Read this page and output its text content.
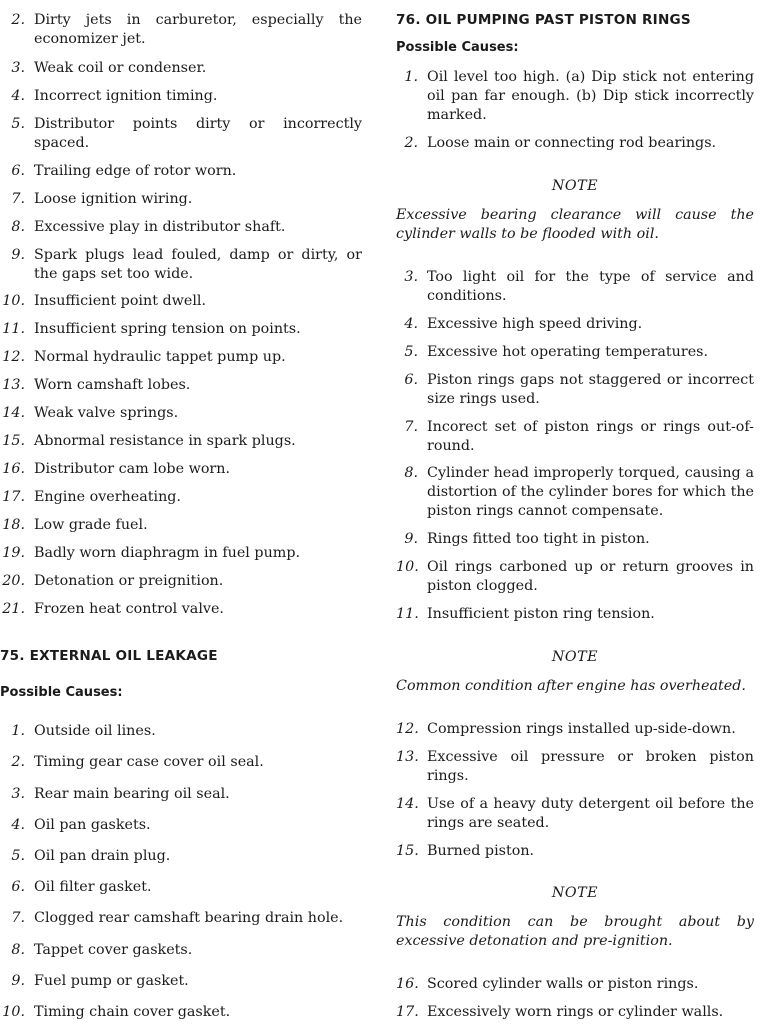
2. Dirty jets in carburetor, especially the economizer jet.
3. Weak coil or condenser.
4. Incorrect ignition timing.
5. Distributor points dirty or incorrectly spaced.
6. Trailing edge of rotor worn.
7. Loose ignition wiring.
8. Excessive play in distributor shaft.
9. Spark plugs lead fouled, damp or dirty, or the gaps set too wide.
10. Insufficient point dwell.
11. Insufficient spring tension on points.
12. Normal hydraulic tappet pump up.
13. Worn camshaft lobes.
14. Weak valve springs.
15. Abnormal resistance in spark plugs.
16. Distributor cam lobe worn.
17. Engine overheating.
18. Low grade fuel.
19. Badly worn diaphragm in fuel pump.
20. Detonation or preignition.
21. Frozen heat control valve.
75. EXTERNAL OIL LEAKAGE
Possible Causes:
1. Outside oil lines.
2. Timing gear case cover oil seal.
3. Rear main bearing oil seal.
4. Oil pan gaskets.
5. Oil pan drain plug.
6. Oil filter gasket.
7. Clogged rear camshaft bearing drain hole.
8. Tappet cover gaskets.
9. Fuel pump or gasket.
10. Timing chain cover gasket.
76. OIL PUMPING PAST PISTON RINGS
Possible Causes:
1. Oil level too high. (a) Dip stick not entering oil pan far enough. (b) Dip stick incorrectly marked.
2. Loose main or connecting rod bearings.
NOTE
Excessive bearing clearance will cause the cylinder walls to be flooded with oil.
3. Too light oil for the type of service and conditions.
4. Excessive high speed driving.
5. Excessive hot operating temperatures.
6. Piston rings gaps not staggered or incorrect size rings used.
7. Incorect set of piston rings or rings out-of-round.
8. Cylinder head improperly torqued, causing a distortion of the cylinder bores for which the piston rings cannot compensate.
9. Rings fitted too tight in piston.
10. Oil rings carboned up or return grooves in piston clogged.
11. Insufficient piston ring tension.
NOTE
Common condition after engine has overheated.
12. Compression rings installed up-side-down.
13. Excessive oil pressure or broken piston rings.
14. Use of a heavy duty detergent oil before the rings are seated.
15. Burned piston.
NOTE
This condition can be brought about by excessive detonation and pre-ignition.
16. Scored cylinder walls or piston rings.
17. Excessively worn rings or cylinder walls.
